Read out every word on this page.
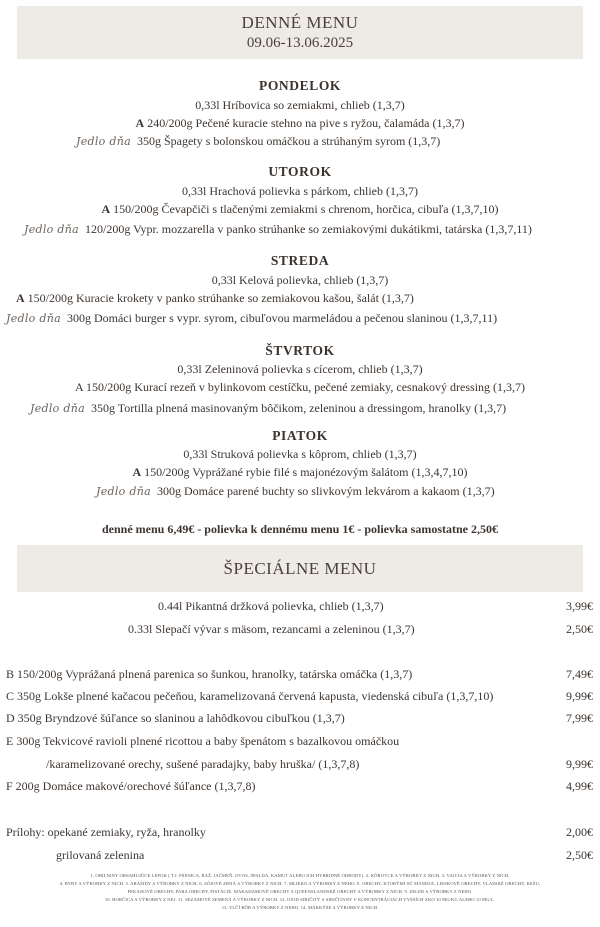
DENNÉ MENU
09.06-13.06.2025
PONDELOK
0,33l Hríbovica so zemiakmi, chlieb (1,3,7)
A 240/200g Pečené kuracie stehno na pive s ryžou, čalamáda (1,3,7)
Jedlo dňa 350g Špagety s bolonskou omáčkou a strúhaným syrom (1,3,7)
UTOROK
0,33l Hrachová polievka s párkom, chlieb (1,3,7)
A 150/200g Čevapčiči s tlačenými zemiakmi s chrenom, horčica, cibuľa (1,3,7,10)
Jedlo dňa 120/200g Vypr. mozzarella v panko strúhanke so zemiakovými dukátikmi, tatárska (1,3,7,11)
STREDA
0,33l Kelová polievka, chlieb (1,3,7)
A 150/200g Kuracie krokety v panko strúhanke so zemiakovou kašou, šalát (1,3,7)
Jedlo dňa 300g Domáci burger s vypr. syrom, cibuľovou marmeládou a pečenou slaninou (1,3,7,11)
ŠTVRTOK
0,33l Zeleninová polievka s cícerom, chlieb (1,3,7)
A 150/200g Kurací rezeň v bylinkovom cestíčku, pečené zemiaky, cesnakový dressing (1,3,7)
Jedlo dňa 350g Tortilla plnená masinovaným bôčikom, zeleninou a dressingom, hranolky (1,3,7)
PIATOK
0,33l Struková polievka s kôprom, chlieb (1,3,7)
A 150/200g Vyprážané rybie filé s majonézovým šalátom (1,3,4,7,10)
Jedlo dňa 300g Domáce parené buchty so slivkovým lekvárom a kakaom (1,3,7)
denné menu 6,49€ - polievka k dennému menu 1€ - polievka samostatne 2,50€
ŠPECIÁLNE MENU
0.44l Pikantná držková polievka, chlieb (1,3,7)	3,99€
0.33l Slepačí vývar s mäsom, rezancami a zeleninou (1,3,7)	2,50€
B 150/200g Vyprážaná plnená parenica so šunkou, hranolky, tatárska omáčka (1,3,7)	7,49€
C 350g Lokše plnené kačacou pečeňou, karamelizovaná červená kapusta, viedenská cibuľa (1,3,7,10)	9,99€
D 350g Bryndzové šúľance so slaninou a lahôdkovou cibuľkou (1,3,7)	7,99€
E 300g Tekvicové ravioli plnené ricottou a baby špenátom s bazalkovou omáčkou
/karamelizované orechy, sušené paradajky, baby hruška/ (1,3,7,8)	9,99€
F 200g Domáce makové/orechové šúľance (1,3,7,8)	4,99€
Prílohy: opekané zemiaky, ryža, hranolky	2,00€
grilovaná zelenina	2,50€
1. OBILNINY OBSAHUJÚCE LEPOK ( T.J. PŠENICA, RAŽ, JAČMEŇ, OVOS, ŠPALDA, KAMUT ALEBO ICH HYBRIDNÉ ODRODY). 2. KÔROVCE A VÝROBKY Z NICH. 3. VAJCIA A VÝROBKY Z NICH.
4. RYBY A VÝROBKY Z NICH. 5. ARAŠIDY A VÝROBKY Z NICH. 6. SÓJOVÉ ZRNÁ A VÝROBKY Z NICH. 7. MLIEKO A VÝROBKY Z NEHO. 8. ORECHY, KTORÝMI SÚ MANDLE, LIESKOVÉ ORECHY, VLAŠSKÉ ORECHY, KEŠU,
PEKANOVÉ ORECHY, PARA ORECHY, PISTÁCIE, MAKADAMOVÉ ORECHY A QUEENSLANDSKÉ ORECHY A VÝROBKY Z NICH. 9. ZELER A VÝROBKY Z NEHO.
10. HORČICA A VÝROBKY Z NEJ. 11. SEZAMOVÉ SEMENÁ A VÝROBKY Z NICH. 12. OXID SIRIČITÝ A SIRIČITANY V KONCENTRÁCIÁCH VYŠŠÍCH AKO 10 MG/KG ALEBO 10 MG/L.
13. VLČÍ BÔB A VÝROBKY Z NEHO. 14. MÄKKÝŠE A VÝROBKY Z NICH.
